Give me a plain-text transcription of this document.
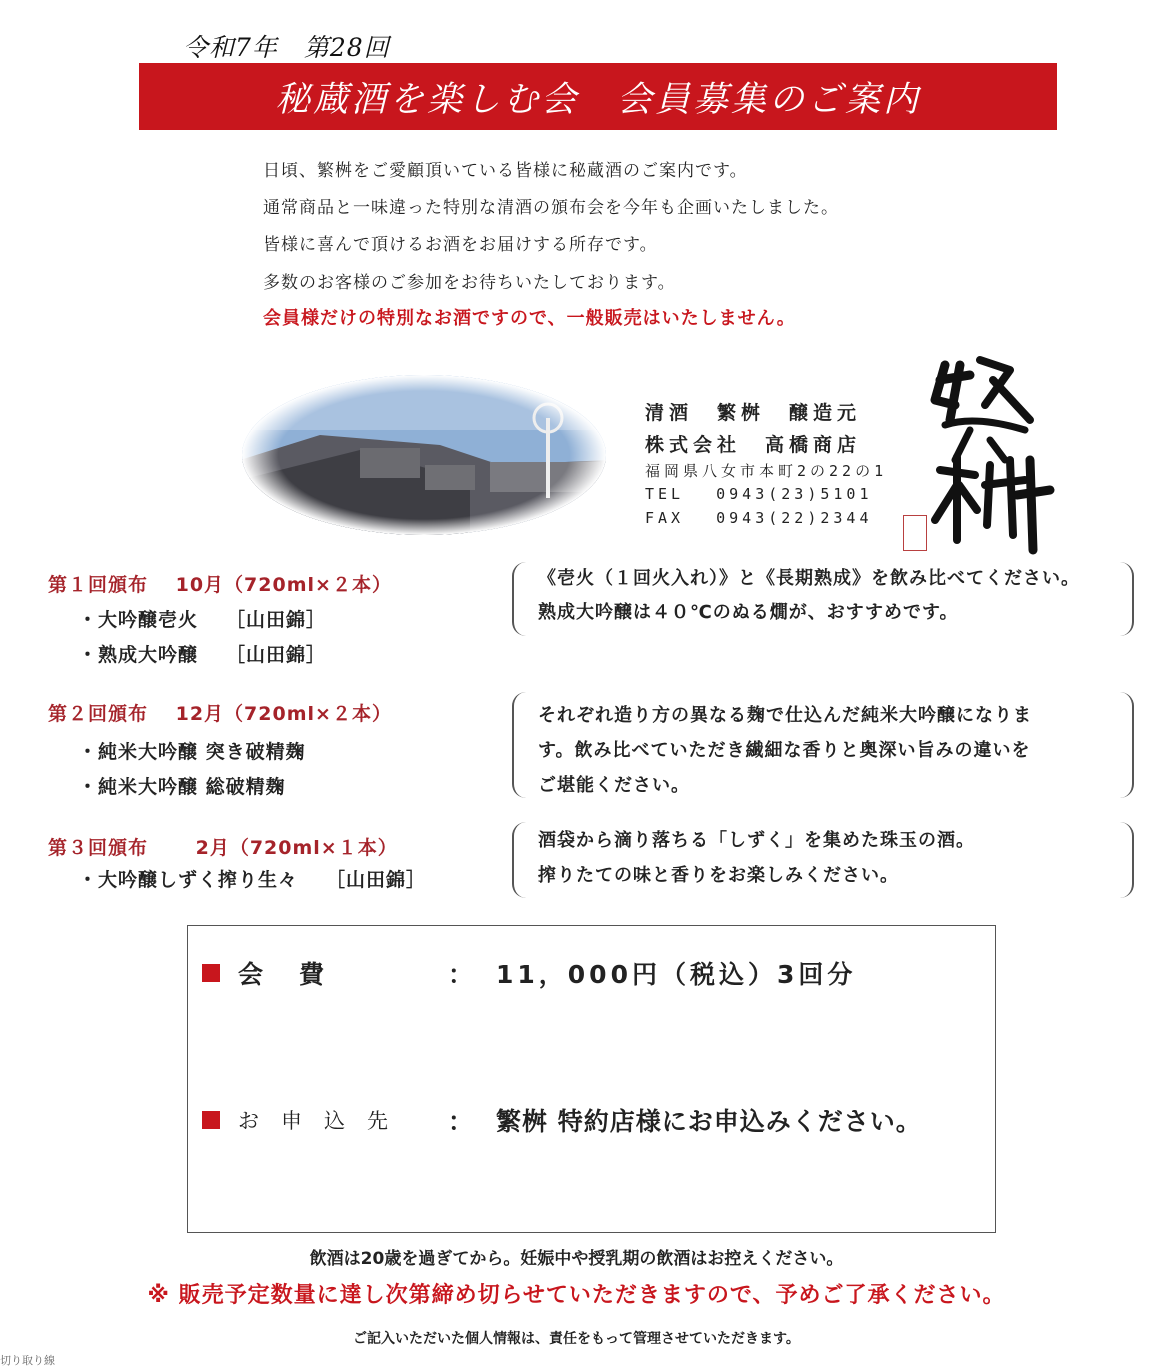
令和7年　第28回
秘蔵酒を楽しむ会　会員募集のご案内
日頃、繁桝をご愛顧頂いている皆様に秘蔵酒のご案内です。
通常商品と一味違った特別な清酒の頒布会を今年も企画いたしました。
皆様に喜んで頂けるお酒をお届けする所存です。
多数のお客様のご参加をお待ちいたしております。
会員様だけの特別なお酒ですので、一般販売はいたしません。
清酒　繁桝　醸造元
株式会社　高橋商店
福岡県八女市本町2の22の1
TEL　 0943(23)5101
FAX　 0943(22)2344
第１回頒布　 10月（720ml×２本）
・大吟醸壱火 ［山田錦］
・熟成大吟醸 ［山田錦］
《壱火（１回火入れ）》と《長期熟成》を飲み比べてください。
熟成大吟醸は４０℃のぬる燗が、おすすめです。
第２回頒布　 12月（720ml×２本）
・純米大吟醸 突き破精麹
・純米大吟醸 総破精麹
それぞれ造り方の異なる麹で仕込んだ純米大吟醸になりま
す。飲み比べていただき繊細な香りと奥深い旨みの違いを
ご堪能ください。
第３回頒布　　 2月（720ml×１本）
・大吟醸しずく搾り生々 ［山田錦］
酒袋から滴り落ちる「しずく」を集めた珠玉の酒。
搾りたての味と香りをお楽しみください。
会費	： 11，000円（税込）3回分
お申込先	： 繁桝 特約店様にお申込みください。
飲酒は20歳を過ぎてから。妊娠中や授乳期の飲酒はお控えください。
※ 販売予定数量に達し次第締め切らせていただきますので、予めご了承ください。
ご記入いただいた個人情報は、責任をもって管理させていただきます。
切り取り線
